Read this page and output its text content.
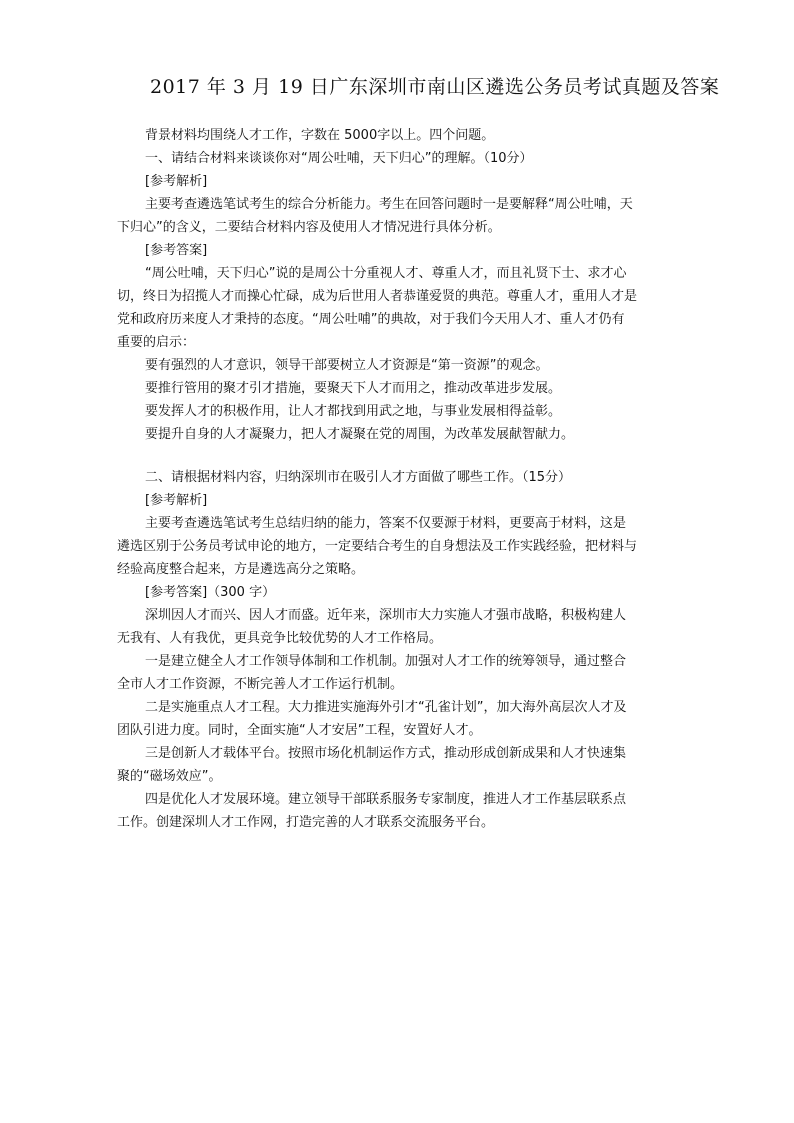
2017 年 3 月 19 日广东深圳市南山区遴选公务员考试真题及答案

背景材料均围绕人才工作，字数在 5000字以上。四个问题。

一、请结合材料来谈谈你对“周公吐哺，天下归心”的理解。（10分）

[参考解析]

主要考查遴选笔试考生的综合分析能力。考生在回答问题时一是要解释“周公吐哺，天下归心”的含义，二要结合材料内容及使用人才情况进行具体分析。

[参考答案]

“周公吐哺，天下归心”说的是周公十分重视人才、尊重人才，而且礼贤下士、求才心切，终日为招揽人才而操心忙碌，成为后世用人者恭谨爱贤的典范。尊重人才，重用人才是党和政府历来度人才秉持的态度。“周公吐哺”的典故，对于我们今天用人才、重人才仍有重要的启示：

要有强烈的人才意识，领导干部要树立人才资源是“第一资源”的观念。

要推行管用的聚才引才措施，要聚天下人才而用之，推动改革进步发展。

要发挥人才的积极作用，让人才都找到用武之地，与事业发展相得益彰。

要提升自身的人才凝聚力，把人才凝聚在党的周围，为改革发展献智献力。

二、请根据材料内容，归纳深圳市在吸引人才方面做了哪些工作。（15分）

[参考解析]

主要考查遴选笔试考生总结归纳的能力，答案不仅要源于材料，更要高于材料，这是遴选区别于公务员考试申论的地方，一定要结合考生的自身想法及工作实践经验，把材料与经验高度整合起来，方是遴选高分之策略。

[参考答案]（300 字）

深圳因人才而兴、因人才而盛。近年来，深圳市大力实施人才强市战略，积极构建人无我有、人有我优，更具竞争比较优势的人才工作格局。

一是建立健全人才工作领导体制和工作机制。加强对人才工作的统筹领导，通过整合全市人才工作资源，不断完善人才工作运行机制。

二是实施重点人才工程。大力推进实施海外引才“孔雀计划”，加大海外高层次人才及团队引进力度。同时，全面实施“人才安居”工程，安置好人才。

三是创新人才载体平台。按照市场化机制运作方式，推动形成创新成果和人才快速集聚的“磁场效应”。

四是优化人才发展环境。建立领导干部联系服务专家制度，推进人才工作基层联系点工作。创建深圳人才工作网，打造完善的人才联系交流服务平台。
